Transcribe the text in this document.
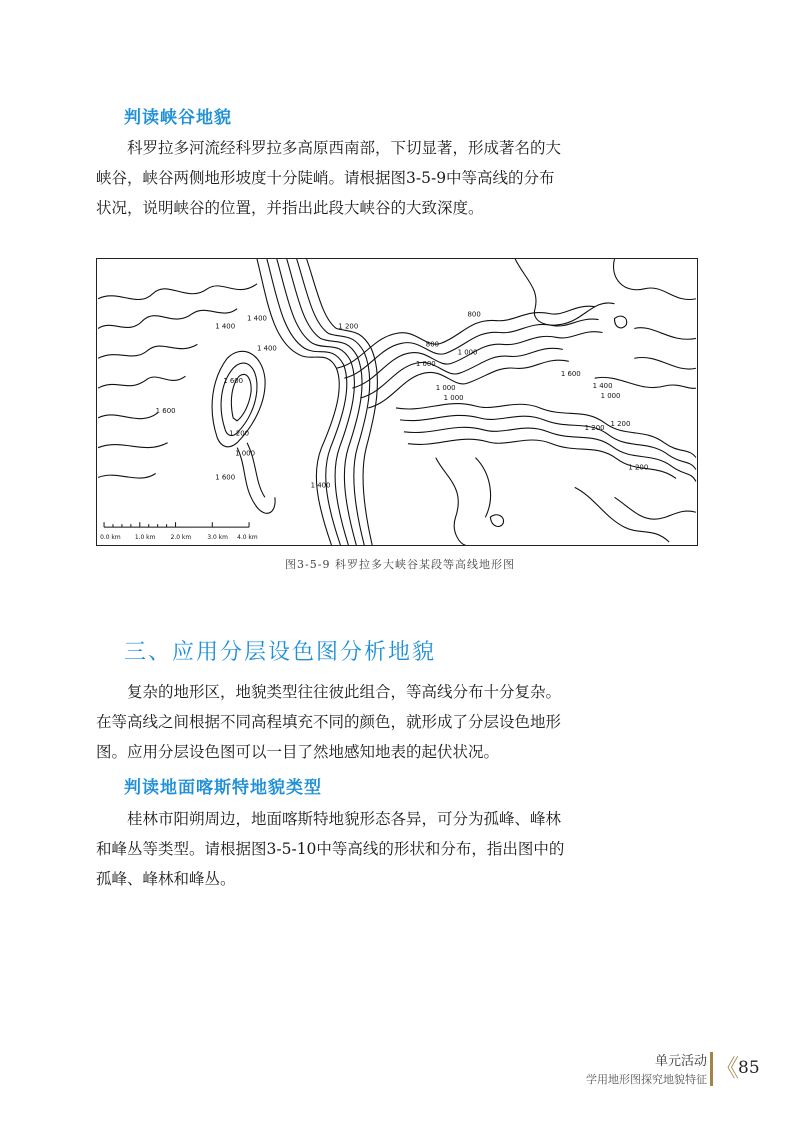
判读峡谷地貌
科罗拉多河流经科罗拉多高原西南部，下切显著，形成著名的大
峡谷，峡谷两侧地形坡度十分陡峭。请根据图3-5-9中等高线的分布
状况，说明峡谷的位置，并指出此段大峡谷的大致深度。
1 400
1 400
1 400
1 600
1 600
1 200
1 000
1 600
1 400
800
1 200
1 000
800
1 000
1 000
1 000
1 200
1 600
1 400
1 200
1 000
1 200
0.0 km 1.0 km	2.0 km	3.0 km 4.0 km
图3-5-9 科罗拉多大峡谷某段等高线地形图
三、应用分层设色图分析地貌
复杂的地形区，地貌类型往往彼此组合，等高线分布十分复杂。
在等高线之间根据不同高程填充不同的颜色，就形成了分层设色地形
图。应用分层设色图可以一目了然地感知地表的起伏状况。
判读地面喀斯特地貌类型
桂林市阳朔周边，地面喀斯特地貌形态各异，可分为孤峰、峰林
和峰丛等类型。请根据图3-5-10中等高线的形状和分布，指出图中的
孤峰、峰林和峰丛。
单元活动
学用地形图探究地貌特征 《 85
